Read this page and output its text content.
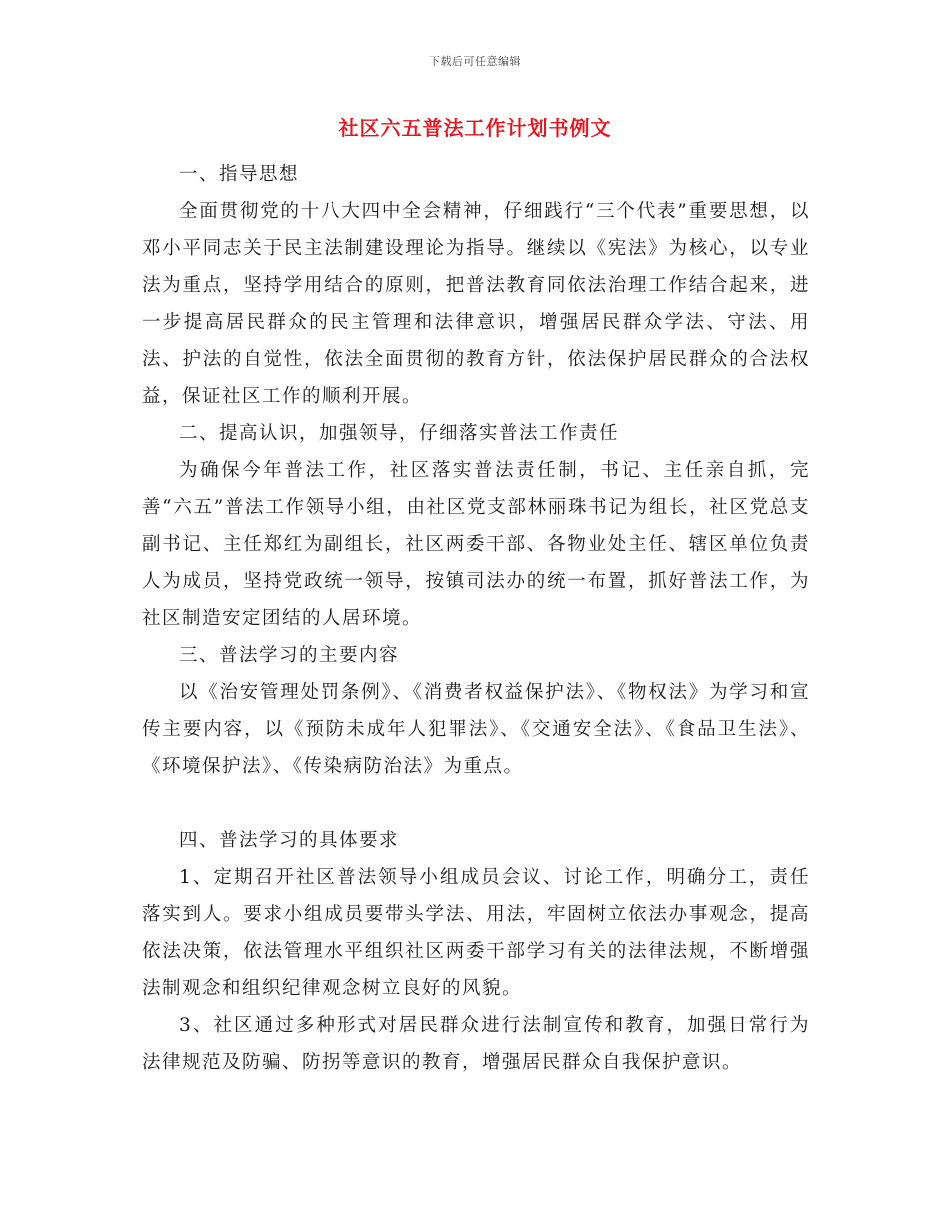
下载后可任意编辑
社区六五普法工作计划书例文

一、指导思想

全面贯彻党的十八大四中全会精神，仔细践行“三个代表”重要思想，以邓小平同志关于民主法制建设理论为指导。继续以《宪法》为核心，以专业法为重点，坚持学用结合的原则，把普法教育同依法治理工作结合起来，进一步提高居民群众的民主管理和法律意识，增强居民群众学法、守法、用法、护法的自觉性，依法全面贯彻的教育方针，依法保护居民群众的合法权益，保证社区工作的顺利开展。

二、提高认识，加强领导，仔细落实普法工作责任

为确保今年普法工作，社区落实普法责任制，书记、主任亲自抓，完善“六五”普法工作领导小组，由社区党支部林丽珠书记为组长，社区党总支副书记、主任郑红为副组长，社区两委干部、各物业处主任、辖区单位负责人为成员，坚持党政统一领导，按镇司法办的统一布置，抓好普法工作，为社区制造安定团结的人居环境。

三、普法学习的主要内容

以《治安管理处罚条例》、《消费者权益保护法》、《物权法》为学习和宣传主要内容，以《预防未成年人犯罪法》、《交通安全法》、《食品卫生法》、《环境保护法》、《传染病防治法》为重点。

四、普法学习的具体要求

1、定期召开社区普法领导小组成员会议、讨论工作，明确分工，责任落实到人。要求小组成员要带头学法、用法，牢固树立依法办事观念，提高依法决策，依法管理水平组织社区两委干部学习有关的法律法规，不断增强法制观念和组织纪律观念树立良好的风貌。

3、社区通过多种形式对居民群众进行法制宣传和教育，加强日常行为法律规范及防骗、防拐等意识的教育，增强居民群众自我保护意识。
